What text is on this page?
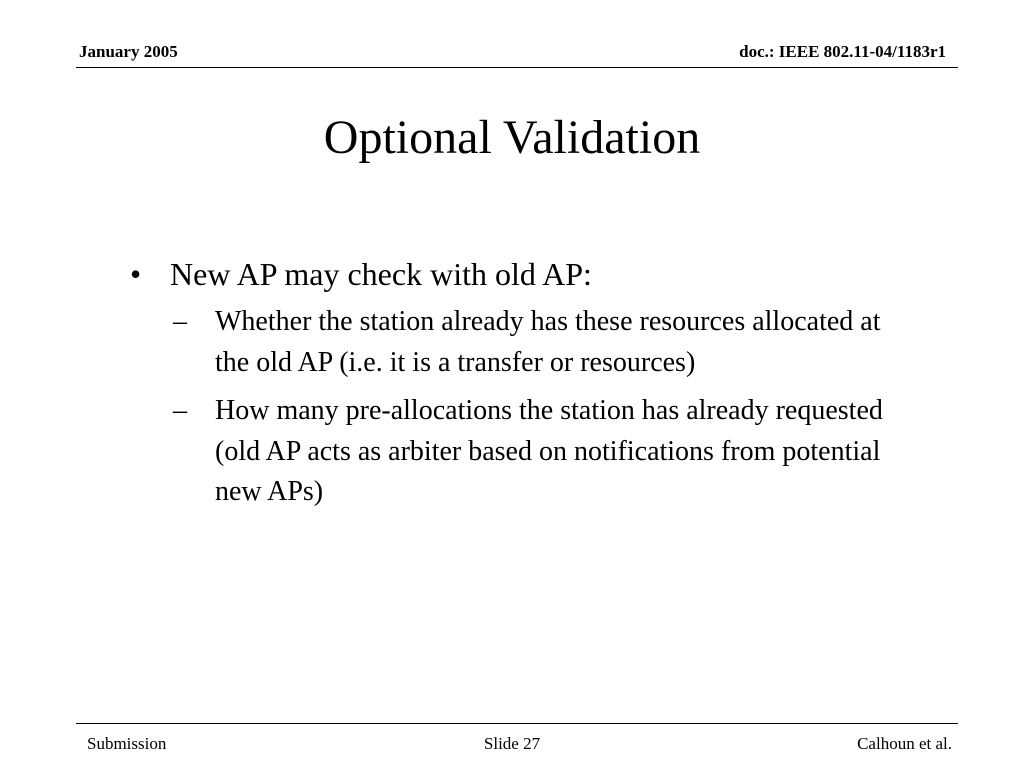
January 2005	doc.: IEEE 802.11-04/1183r1
Optional Validation
• New AP may check with old AP:
– Whether the station already has these resources allocated at the old AP (i.e. it is a transfer or resources)
– How many pre-allocations the station has already requested (old AP acts as arbiter based on notifications from potential new APs)
Submission	Slide 27	Calhoun et al.
